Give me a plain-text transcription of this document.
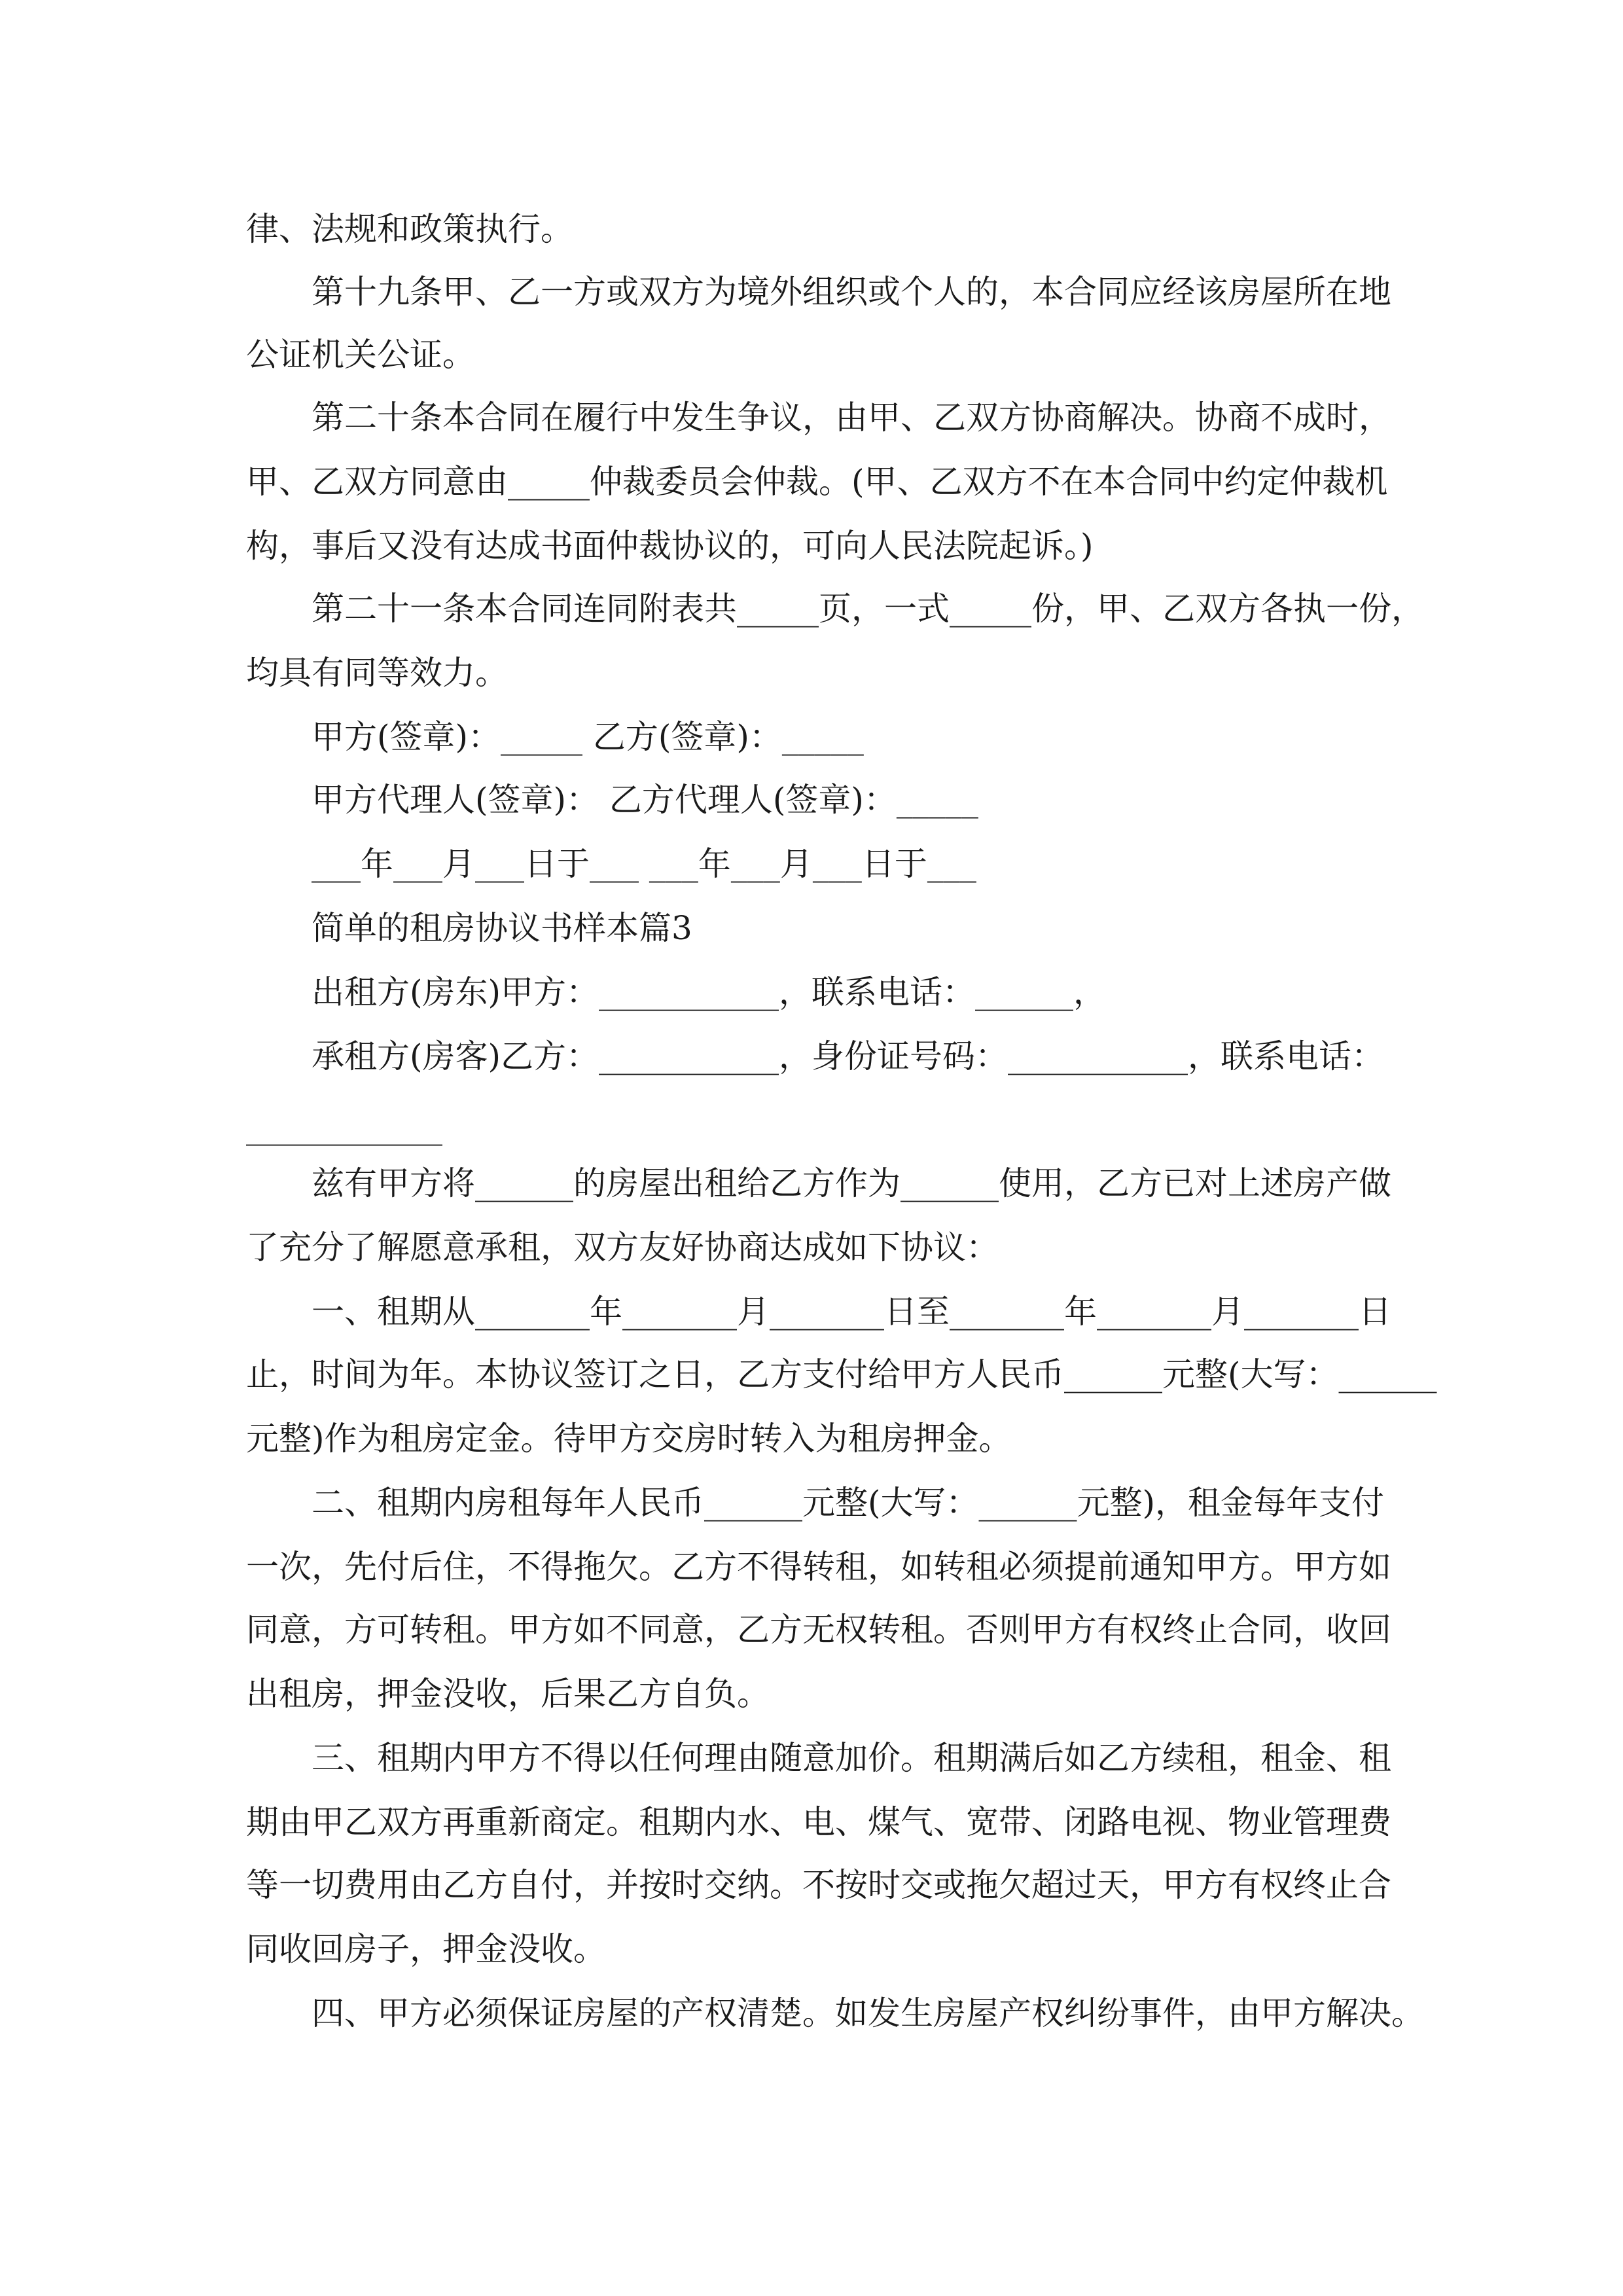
律、法规和政策执行。

第十九条甲、乙一方或双方为境外组织或个人的，本合同应经该房屋所在地

公证机关公证。

第二十条本合同在履行中发生争议，由甲、乙双方协商解决。协商不成时，

甲、乙双方同意由_____仲裁委员会仲裁。(甲、乙双方不在本合同中约定仲裁机

构，事后又没有达成书面仲裁协议的，可向人民法院起诉。)

第二十一条本合同连同附表共_____页，一式_____份，甲、乙双方各执一份，

均具有同等效力。

甲方(签章)：_____ 乙方(签章)：_____

甲方代理人(签章)： 乙方代理人(签章)：_____

___年___月___日于___ ___年___月___日于___

简单的租房协议书样本篇3

出租方(房东)甲方：___________，联系电话：______，

承租方(房客)乙方：___________，身份证号码：___________，联系电话：

____________

兹有甲方将______的房屋出租给乙方作为______使用，乙方已对上述房产做

了充分了解愿意承租，双方友好协商达成如下协议：

一、租期从_______年_______月_______日至_______年_______月_______日

止，时间为年。本协议签订之日，乙方支付给甲方人民币______元整(大写：______

元整)作为租房定金。待甲方交房时转入为租房押金。

二、租期内房租每年人民币______元整(大写：______元整)，租金每年支付

一次，先付后住，不得拖欠。乙方不得转租，如转租必须提前通知甲方。甲方如

同意，方可转租。甲方如不同意，乙方无权转租。否则甲方有权终止合同，收回

出租房，押金没收，后果乙方自负。

三、租期内甲方不得以任何理由随意加价。租期满后如乙方续租，租金、租

期由甲乙双方再重新商定。租期内水、电、煤气、宽带、闭路电视、物业管理费

等一切费用由乙方自付，并按时交纳。不按时交或拖欠超过天，甲方有权终止合

同收回房子，押金没收。

四、甲方必须保证房屋的产权清楚。如发生房屋产权纠纷事件，由甲方解决。
